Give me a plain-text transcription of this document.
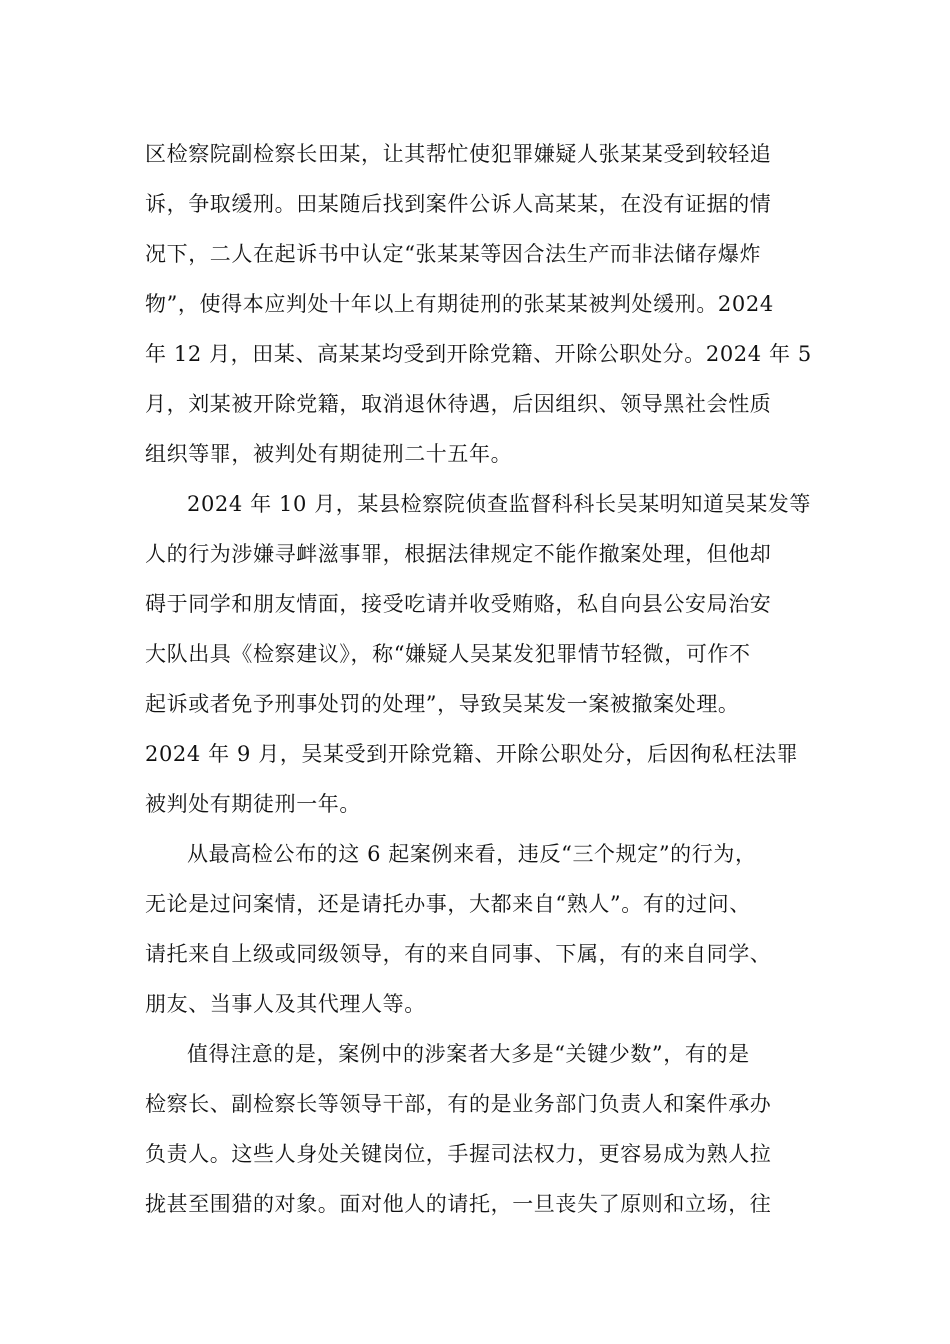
区检察院副检察长田某，让其帮忙使犯罪嫌疑人张某某受到较轻追
诉，争取缓刑。田某随后找到案件公诉人高某某，在没有证据的情
况下，二人在起诉书中认定“张某某等因合法生产而非法储存爆炸
物”，使得本应判处十年以上有期徒刑的张某某被判处缓刑。2024
年 12 月，田某、高某某均受到开除党籍、开除公职处分。2024 年 5
月，刘某被开除党籍，取消退休待遇，后因组织、领导黑社会性质
组织等罪，被判处有期徒刑二十五年。
2024 年 10 月，某县检察院侦查监督科科长吴某明知道吴某发等
人的行为涉嫌寻衅滋事罪，根据法律规定不能作撤案处理，但他却
碍于同学和朋友情面，接受吃请并收受贿赂，私自向县公安局治安
大队出具《检察建议》，称“嫌疑人吴某发犯罪情节轻微，可作不
起诉或者免予刑事处罚的处理”，导致吴某发一案被撤案处理。
2024 年 9 月，吴某受到开除党籍、开除公职处分，后因徇私枉法罪
被判处有期徒刑一年。
从最高检公布的这 6 起案例来看，违反“三个规定”的行为，
无论是过问案情，还是请托办事，大都来自“熟人”。有的过问、
请托来自上级或同级领导，有的来自同事、下属，有的来自同学、
朋友、当事人及其代理人等。
值得注意的是，案例中的涉案者大多是“关键少数”，有的是
检察长、副检察长等领导干部，有的是业务部门负责人和案件承办
负责人。这些人身处关键岗位，手握司法权力，更容易成为熟人拉
拢甚至围猎的对象。面对他人的请托，一旦丧失了原则和立场，往
